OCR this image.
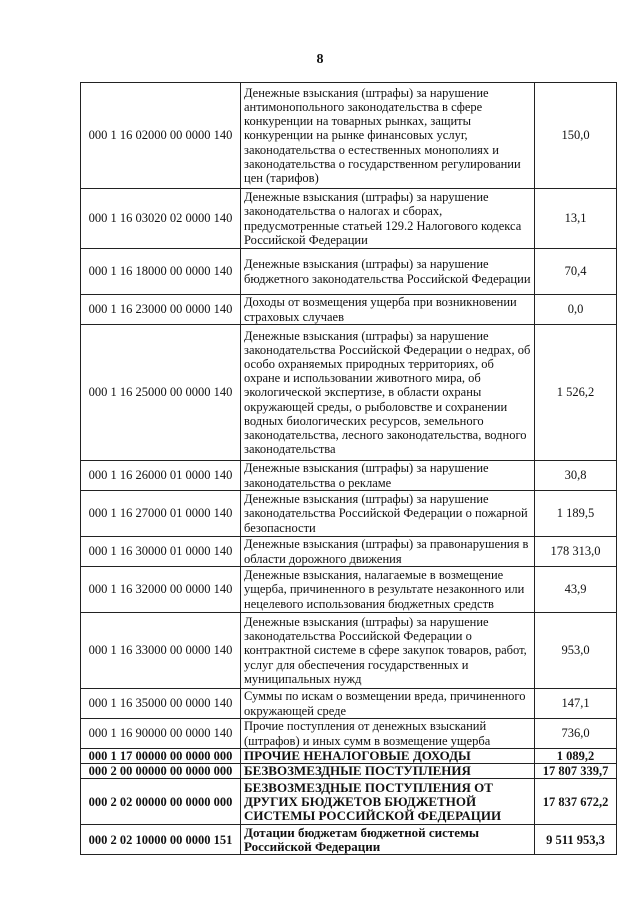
8
000 1 16 02000 00 0000 140	Денежные взыскания (штрафы) за нарушение антимонопольного законодательства в сфере конкуренции на товарных рынках, защиты конкуренции на рынке финансовых услуг, законодательства о естественных монополиях и законодательства о государственном регулировании цен (тарифов)	150,0
000 1 16 03020 02 0000 140	Денежные взыскания (штрафы) за нарушение законодательства о налогах и сборах, предусмотренные статьей 129.2 Налогового кодекса Российской Федерации	13,1
000 1 16 18000 00 0000 140	Денежные взыскания (штрафы) за нарушение бюджетного законодательства Российской Федерации	70,4
000 1 16 23000 00 0000 140	Доходы от возмещения ущерба при возникновении страховых случаев	0,0
000 1 16 25000 00 0000 140	Денежные взыскания (штрафы) за нарушение законодательства Российской Федерации о недрах, об особо охраняемых природных территориях, об охране и использовании животного мира, об экологической экспертизе, в области охраны окружающей среды, о рыболовстве и сохранении водных биологических ресурсов, земельного законодательства, лесного законодательства, водного законодательства	1 526,2
000 1 16 26000 01 0000 140	Денежные взыскания (штрафы) за нарушение законодательства о рекламе	30,8
000 1 16 27000 01 0000 140	Денежные взыскания (штрафы) за нарушение законодательства Российской Федерации о пожарной безопасности	1 189,5
000 1 16 30000 01 0000 140	Денежные взыскания (штрафы) за правонарушения в области дорожного движения	178 313,0
000 1 16 32000 00 0000 140	Денежные взыскания, налагаемые в возмещение ущерба, причиненного в результате незаконного или нецелевого использования бюджетных средств	43,9
000 1 16 33000 00 0000 140	Денежные взыскания (штрафы) за нарушение законодательства Российской Федерации о контрактной системе в сфере закупок товаров, работ, услуг для обеспечения государственных и муниципальных нужд	953,0
000 1 16 35000 00 0000 140	Суммы по искам о возмещении вреда, причиненного окружающей среде	147,1
000 1 16 90000 00 0000 140	Прочие поступления от денежных взысканий (штрафов) и иных сумм в возмещение ущерба	736,0
000 1 17 00000 00 0000 000	ПРОЧИЕ НЕНАЛОГОВЫЕ ДОХОДЫ	1 089,2
000 2 00 00000 00 0000 000	БЕЗВОЗМЕЗДНЫЕ ПОСТУПЛЕНИЯ	17 807 339,7
000 2 02 00000 00 0000 000	БЕЗВОЗМЕЗДНЫЕ ПОСТУПЛЕНИЯ ОТ ДРУГИХ БЮДЖЕТОВ БЮДЖЕТНОЙ СИСТЕМЫ РОССИЙСКОЙ ФЕДЕРАЦИИ	17 837 672,2
000 2 02 10000 00 0000 151	Дотации бюджетам бюджетной системы Российской Федерации	9 511 953,3
